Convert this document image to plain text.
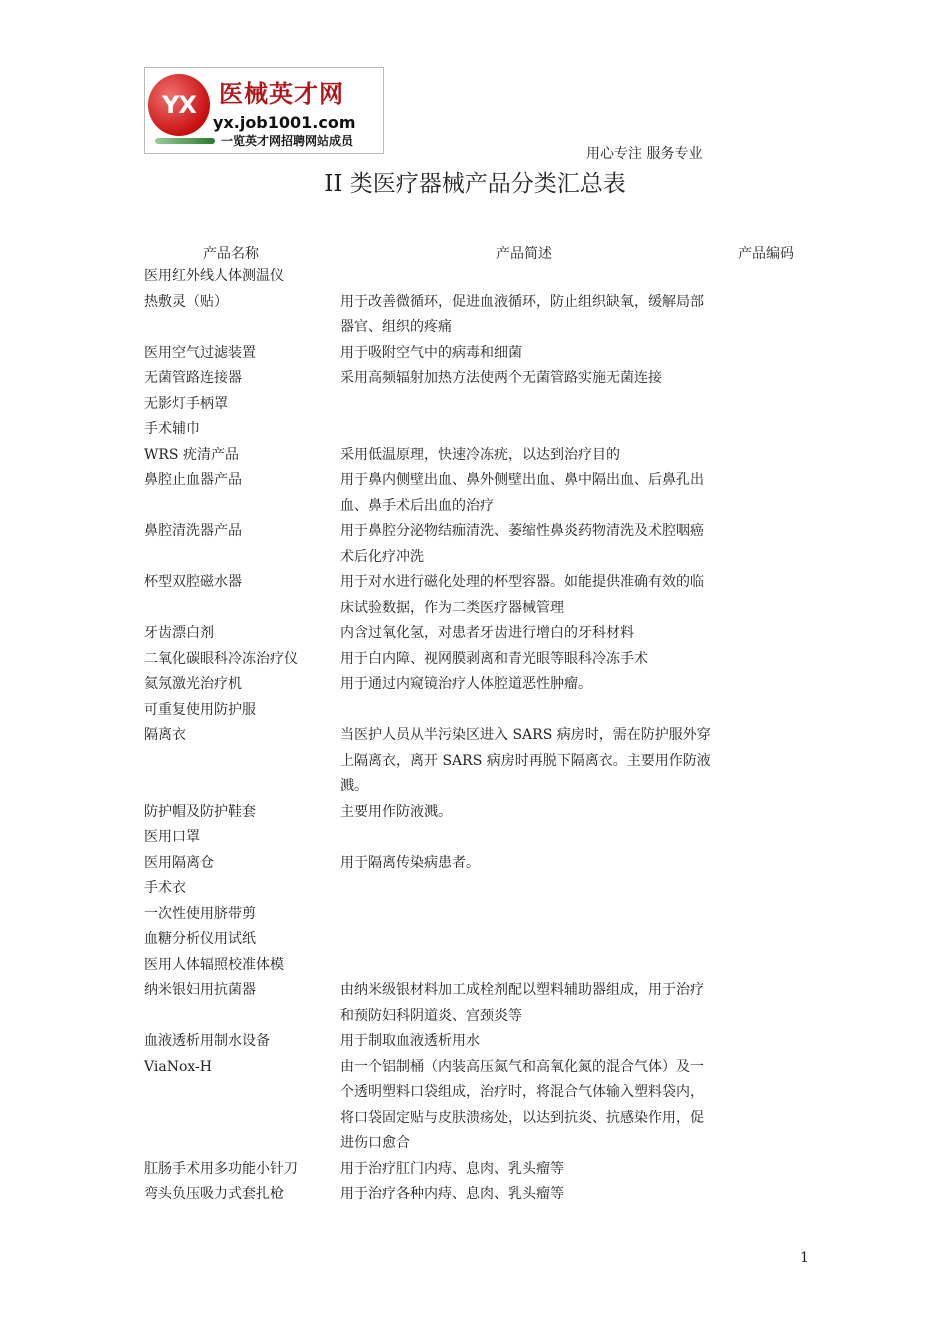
YX 医械英才网
yx.job1001.com
一览英才网招聘网站成员
用心专注 服务专业
II 类医疗器械产品分类汇总表
产品名称	产品简述	产品编码
医用红外线人体测温仪
热敷灵（贴）	用于改善微循环，促进血液循环，防止组织缺氧，缓解局部器官、组织的疼痛
医用空气过滤装置	用于吸附空气中的病毒和细菌
无菌管路连接器	采用高频辐射加热方法使两个无菌管路实施无菌连接
无影灯手柄罩
手术辅巾
WRS 疣清产品	采用低温原理，快速冷冻疣，以达到治疗目的
鼻腔止血器产品	用于鼻内侧壁出血、鼻外侧壁出血、鼻中隔出血、后鼻孔出血、鼻手术后出血的治疗
鼻腔清洗器产品	用于鼻腔分泌物结痂清洗、萎缩性鼻炎药物清洗及术腔咽癌术后化疗冲洗
杯型双腔磁水器	用于对水进行磁化处理的杯型容器。如能提供准确有效的临床试验数据，作为二类医疗器械管理
牙齿漂白剂	内含过氧化氢，对患者牙齿进行增白的牙科材料
二氧化碳眼科冷冻治疗仪	用于白内障、视网膜剥离和青光眼等眼科冷冻手术
氦氖激光治疗机	用于通过内窥镜治疗人体腔道恶性肿瘤。
可重复使用防护服
隔离衣	当医护人员从半污染区进入 SARS 病房时，需在防护服外穿上隔离衣，离开 SARS 病房时再脱下隔离衣。主要用作防液溅。
防护帽及防护鞋套	主要用作防液溅。
医用口罩
医用隔离仓	用于隔离传染病患者。
手术衣
一次性使用脐带剪
血糖分析仪用试纸
医用人体辐照校准体模
纳米银妇用抗菌器	由纳米级银材料加工成栓剂配以塑料辅助器组成，用于治疗和预防妇科阴道炎、宫颈炎等
血液透析用制水设备	用于制取血液透析用水
ViaNox-H	由一个铝制桶（内装高压氮气和高氧化氮的混合气体）及一个透明塑料口袋组成，治疗时，将混合气体输入塑料袋内，将口袋固定贴与皮肤溃疡处，以达到抗炎、抗感染作用，促进伤口愈合
肛肠手术用多功能小针刀	用于治疗肛门内痔、息肉、乳头瘤等
弯头负压吸力式套扎枪	用于治疗各种内痔、息肉、乳头瘤等
1
